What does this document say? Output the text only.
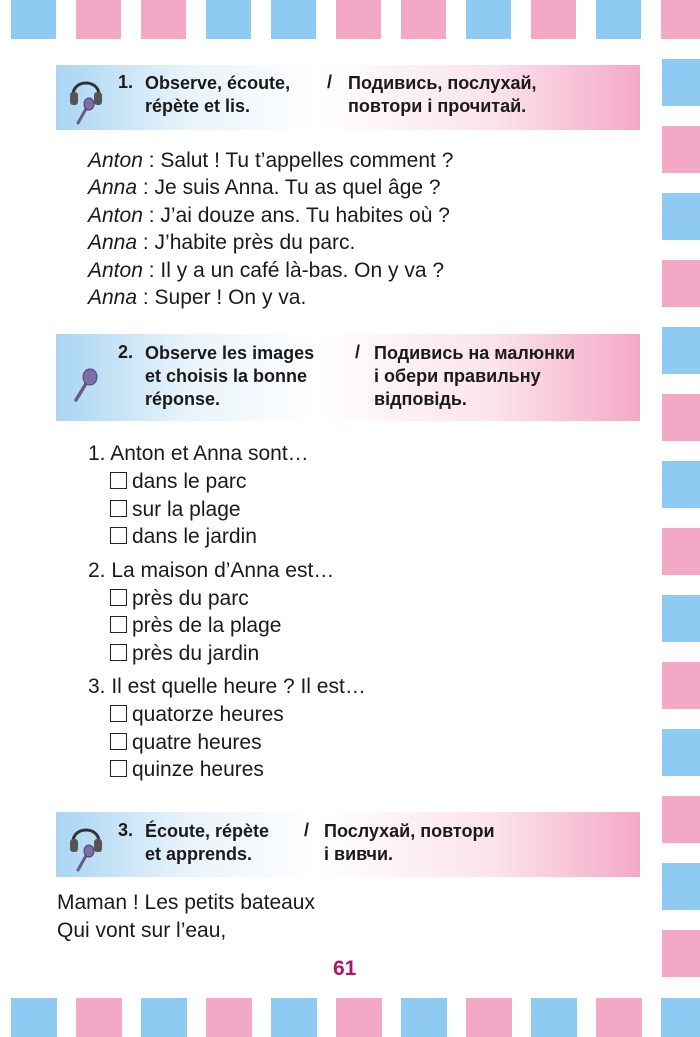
1. Observe, écoute,
répète et lis.
/ Подивись, послухай,
повтори і прочитай.
Anton : Salut ! Tu t’appelles comment ?
Anna : Je suis Anna. Tu as quel âge ?
Anton : J’ai douze ans. Tu habites où ?
Anna : J’habite près du parc.
Anton : Il y a un café là-bas. On y va ?
Anna : Super ! On y va.
2. Observe les images
et choisis la bonne
réponse.
/ Подивись на малюнки
і обери правильну
відповідь.
1. Anton et Anna sont…
dans le parc
sur la plage
dans le jardin
2. La maison d’Anna est…
près du parc
près de la plage
près du jardin
3. Il est quelle heure ? Il est…
quatorze heures
quatre heures
quinze heures
3. Écoute, répète
et apprends.
/ Послухай, повтори
і вивчи.
Maman ! Les petits bateaux
Qui vont sur l’eau,
61
